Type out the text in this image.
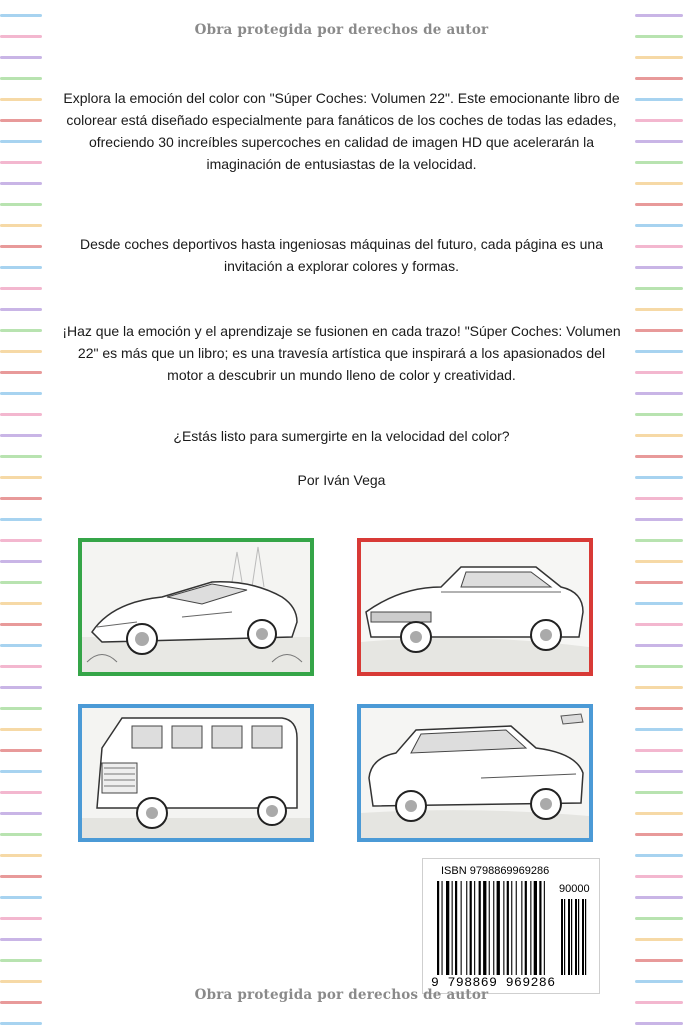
Obra protegida por derechos de autor
Explora la emoción del color con "Súper Coches: Volumen 22". Este emocionante libro de colorear está diseñado especialmente para fanáticos de los coches de todas las edades, ofreciendo 30 increíbles supercoches en calidad de imagen HD que acelerarán la imaginación de entusiastas de la velocidad.
Desde coches deportivos hasta ingeniosas máquinas del futuro, cada página es una invitación a explorar colores y formas.
¡Haz que la emoción y el aprendizaje se fusionen en cada trazo! "Súper Coches: Volumen 22" es más que un libro; es una travesía artística que inspirará a los apasionados del motor a descubrir un mundo lleno de color y creatividad.
¿Estás listo para sumergirte en la velocidad del color?
Por Iván Vega
ISBN 9798869969286
90000
9 798869 969286
Obra protegida por derechos de autor
